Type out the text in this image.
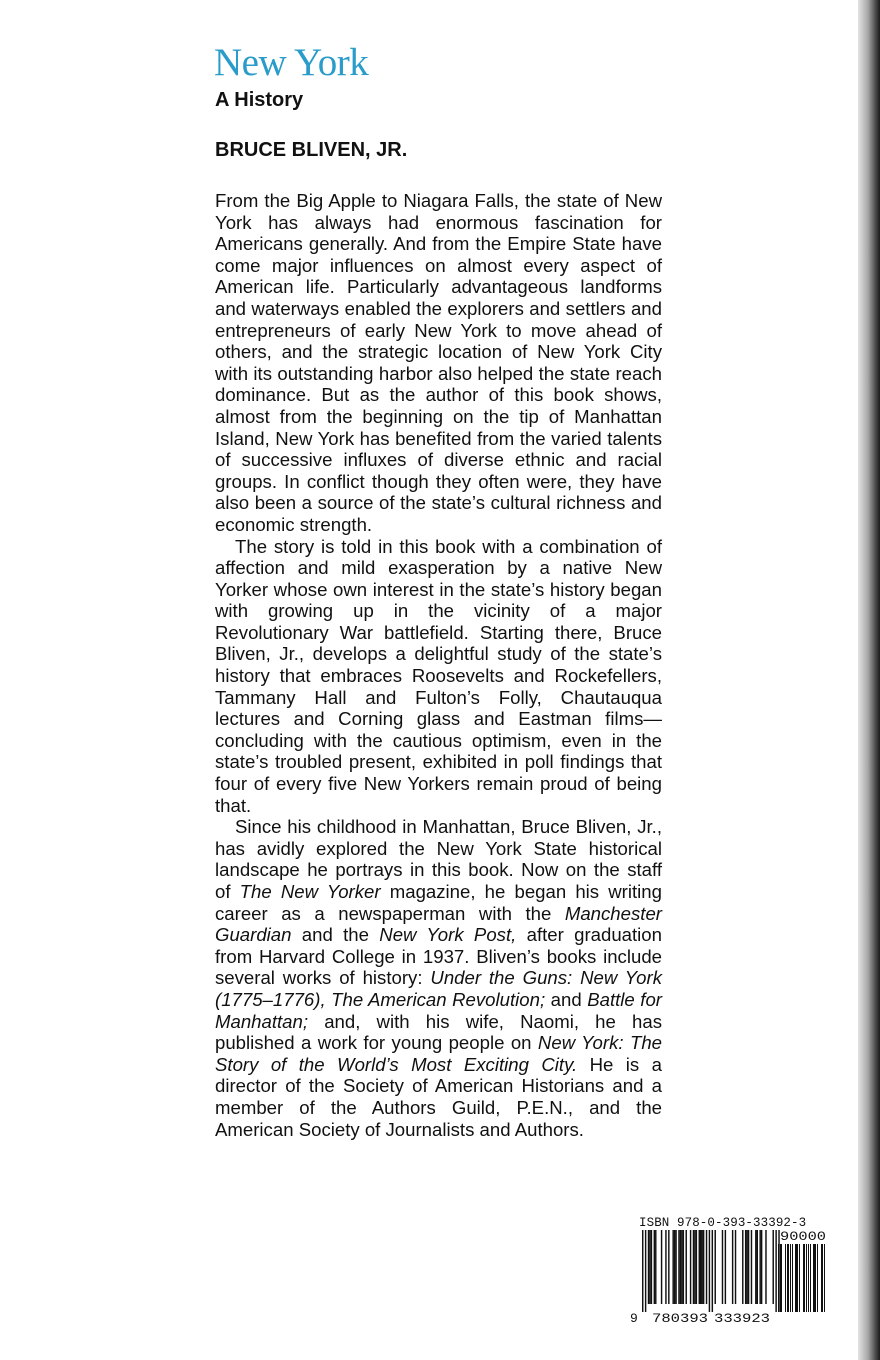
New York
A History
BRUCE BLIVEN, JR.

From the Big Apple to Niagara Falls, the state of New York has always had enormous fascination for Americans generally. And from the Empire State have come major influences on almost every aspect of American life. Particularly advantageous landforms and waterways enabled the explorers and settlers and entrepreneurs of early New York to move ahead of others, and the strategic location of New York City with its outstanding harbor also helped the state reach dominance. But as the author of this book shows, almost from the beginning on the tip of Manhattan Island, New York has benefited from the varied talents of successive influxes of diverse ethnic and racial groups. In conflict though they often were, they have also been a source of the state’s cultural richness and economic strength.

The story is told in this book with a combination of affection and mild exasperation by a native New Yorker whose own interest in the state’s history began with growing up in the vicinity of a major Revolutionary War battlefield. Starting there, Bruce Bliven, Jr., develops a delightful study of the state’s history that embraces Roosevelts and Rockefellers, Tammany Hall and Fulton’s Folly, Chautauqua lectures and Corning glass and Eastman films—concluding with the cautious optimism, even in the state’s troubled present, exhibited in poll findings that four of every five New Yorkers remain proud of being that.

Since his childhood in Manhattan, Bruce Bliven, Jr., has avidly explored the New York State historical landscape he portrays in this book. Now on the staff of The New Yorker magazine, he began his writing career as a newspaperman with the Manchester Guardian and the New York Post, after graduation from Harvard College in 1937. Bliven’s books include several works of history: Under the Guns: New York (1775–1776), The American Revolution; and Battle for Manhattan; and, with his wife, Naomi, he has published a work for young people on New York: The Story of the World’s Most Exciting City. He is a director of the Society of American Historians and a member of the Authors Guild, P.E.N., and the American Society of Journalists and Authors.

ISBN 978-0-393-33392-3
9 780393 333923
90000
